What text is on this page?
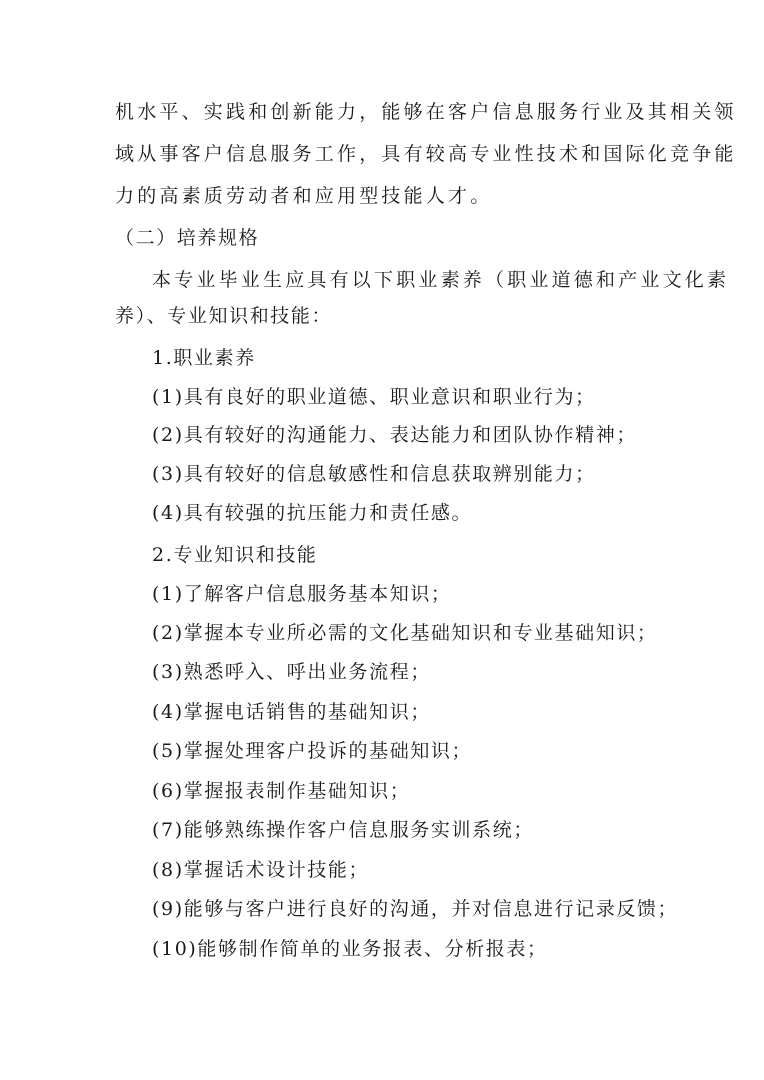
机水平、实践和创新能力，能够在客户信息服务行业及其相关领
域从事客户信息服务工作，具有较高专业性技术和国际化竞争能
力的高素质劳动者和应用型技能人才。
（二）培养规格
本专业毕业生应具有以下职业素养（职业道德和产业文化素
养）、专业知识和技能：
1.职业素养
(1)具有良好的职业道德、职业意识和职业行为；
(2)具有较好的沟通能力、表达能力和团队协作精神；
(3)具有较好的信息敏感性和信息获取辨别能力；
(4)具有较强的抗压能力和责任感。
2.专业知识和技能
(1)了解客户信息服务基本知识；
(2)掌握本专业所必需的文化基础知识和专业基础知识；
(3)熟悉呼入、呼出业务流程；
(4)掌握电话销售的基础知识；
(5)掌握处理客户投诉的基础知识；
(6)掌握报表制作基础知识；
(7)能够熟练操作客户信息服务实训系统；
(8)掌握话术设计技能；
(9)能够与客户进行良好的沟通，并对信息进行记录反馈；
(10)能够制作简单的业务报表、分析报表；
